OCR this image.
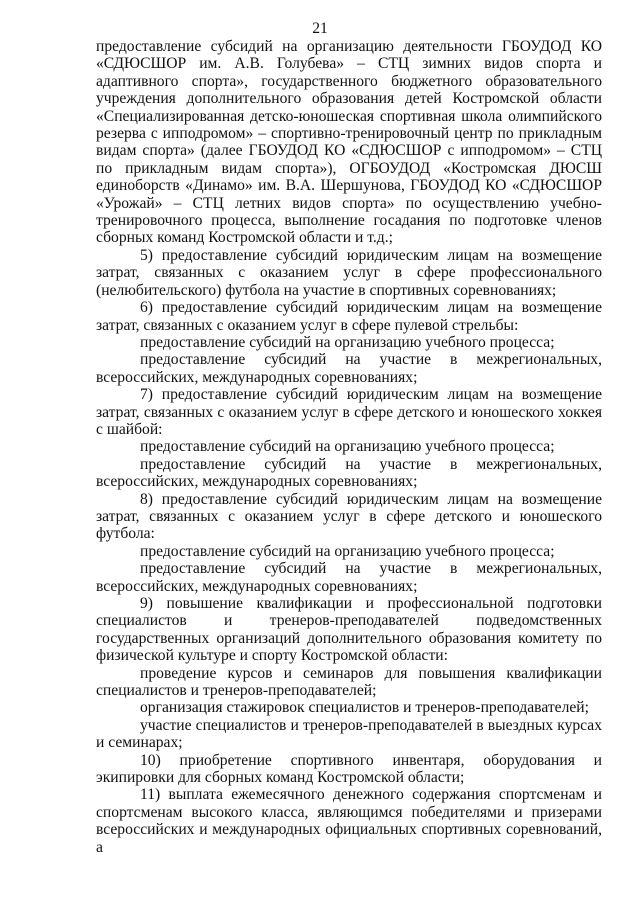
21

предоставление субсидий на организацию деятельности ГБОУДОД КО «СДЮСШОР им. А.В. Голубева» – СТЦ зимних видов спорта и адаптивного спорта», государственного бюджетного образовательного учреждения дополнительного образования детей Костромской области «Специализированная детско-юношеская спортивная школа олимпийского резерва с ипподромом» – спортивно-тренировочный центр по прикладным видам спорта» (далее ГБОУДОД КО «СДЮСШОР с ипподромом» – СТЦ по прикладным видам спорта»), ОГБОУДОД «Костромская ДЮСШ единоборств «Динамо» им. В.А. Шершунова, ГБОУДОД КО «СДЮСШОР «Урожай» – СТЦ летних видов спорта» по осуществлению учебно-тренировочного процесса, выполнение госадания по подготовке членов сборных команд Костромской области и т.д.;

5) предоставление субсидий юридическим лицам на возмещение затрат, связанных с оказанием услуг в сфере профессионального (нелюбительского) футбола на участие в спортивных соревнованиях;

6) предоставление субсидий юридическим лицам на возмещение затрат, связанных с оказанием услуг в сфере пулевой стрельбы:

предоставление субсидий на организацию учебного процесса;

предоставление субсидий на участие в межрегиональных, всероссийских, международных соревнованиях;

7) предоставление субсидий юридическим лицам на возмещение затрат, связанных с оказанием услуг в сфере детского и юношеского хоккея с шайбой:

предоставление субсидий на организацию учебного процесса;

предоставление субсидий на участие в межрегиональных, всероссийских, международных соревнованиях;

8) предоставление субсидий юридическим лицам на возмещение затрат, связанных с оказанием услуг в сфере детского и юношеского футбола:

предоставление субсидий на организацию учебного процесса;

предоставление субсидий на участие в межрегиональных, всероссийских, международных соревнованиях;

9) повышение квалификации и профессиональной подготовки специалистов и тренеров-преподавателей подведомственных государственных организаций дополнительного образования комитету по физической культуре и спорту Костромской области:

проведение курсов и семинаров для повышения квалификации специалистов и тренеров-преподавателей;

организация стажировок специалистов и тренеров-преподавателей;

участие специалистов и тренеров-преподавателей в выездных курсах и семинарах;

10) приобретение спортивного инвентаря, оборудования и экипировки для сборных команд Костромской области;

11) выплата ежемесячного денежного содержания спортсменам и спортсменам высокого класса, являющимся победителями и призерами всероссийских и международных официальных спортивных соревнований, а
